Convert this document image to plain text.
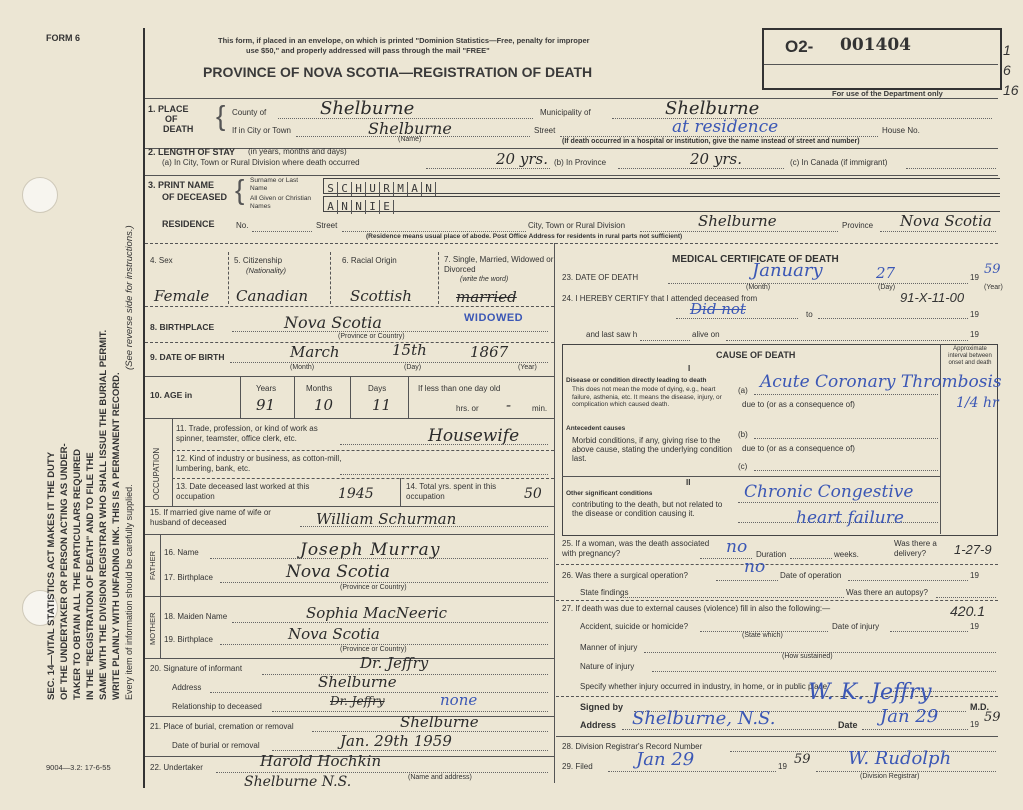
FORM 6
SEC. 14—VITAL STATISTICS ACT MAKES IT THE DUTY OF THE UNDERTAKER OR PERSON ACTING AS UNDER- TAKER TO OBTAIN ALL THE PARTICULARS REQUIRED IN THE "REGISTRATION OF DEATH" AND TO FILE THE SAME WITH THE DIVISION REGISTRAR WHO SHALL ISSUE THE BURIAL PERMIT. WRITE PLAINLY WITH UNFADING INK. THIS IS A PERMANENT RECORD.
(See reverse side for instructions.)
Every item of information should be carefully supplied.
9004—3.2: 17-6-55
This form, if placed in an envelope, on which is printed "Dominion Statistics—Free, penalty for improper
use $50," and properly addressed will pass through the mail "FREE"
PROVINCE OF NOVA SCOTIA—REGISTRATION OF DEATH
O2- 001404
For use of the Department only
1. PLACE
OF
DEATH { County of	Shelburne	Municipality of	Shelburne
If in City or Town	Shelburne
(Name)
Street	at residence	House No.
(If death occurred in a hospital or institution, give the name instead of street and number)
2. LENGTH OF STAY (in years, months and days)
(a) In City, Town or Rural Division where death occurred	20 yrs. (b) In Province	20 yrs.	(c) In Canada (if immigrant)
3. PRINT NAME
OF DECEASED { Surname or Last Name
All Given or Christian Names
S C H U R M A N
A N N I E
RESIDENCE	No.	Street	City, Town or Rural Division	Shelburne	Province Nova Scotia
(Residence means usual place of abode. Post Office Address for residents in rural parts not sufficient)
4. Sex	5. Citizenship
(Nationality)
6. Racial Origin	7. Single, Married, Widowed or Divorced
(write the word)
Female Canadian	Scottish	married
WIDOWED
8. BIRTHPLACE	Nova Scotia
(Province or Country)
9. DATE OF BIRTH	March	15th	1867
(Month)	(Day)	(Year)
10. AGE in
Years	Months	Days	If less than one day old
91	10	11	hrs. or -	min.
OCCUPATION
11. Trade, profession, or kind of work as spinner, teamster, office clerk, etc.	Housewife
12. Kind of industry or business, as cotton-mill, lumbering, bank, etc.
13. Date deceased last worked at this occupation	1945	14. Total yrs. spent in this occupation	50
15. If married give name of wife or husband of deceased	William Schurman
FATHER 16. Name	Joseph Murray
17. Birthplace	Nova Scotia
(Province or Country)
MOTHER 18. Maiden Name	Sophia MacNeeric
19. Birthplace	Nova Scotia
(Province or Country)
20. Signature of informant	Dr. Jeffry
Address	Shelburne
Relationship to deceased	Dr. Jeffry	none
21. Place of burial, cremation or removal	Shelburne
Date of burial or removal	Jan. 29th 1959
22. Undertaker	Harold Hochkin
(Name and address)
Shelburne N.S.
MEDICAL CERTIFICATE OF DEATH
23. DATE OF DEATH	January	27	19
59
(Month)	(Day)	(Year)
24. I HEREBY CERTIFY that I attended deceased from
Did not	to	19
91-X-11-00
and last saw h	alive on	19
CAUSE OF DEATH
Approximate interval between onset and death
I
Disease or condition directly leading to death
This does not mean the mode of dying, e.g., heart failure, asthenia, etc. It means the disease, injury, or complication which caused death.
(a) Acute Coronary Thrombosis
1/4 hr
due to (or as a consequence of)
Antecedent causes
Morbid conditions, if any, giving rise to the above cause, stating the underlying condition last.
(b)
due to (or as a consequence of)
(c)
II
Other significant conditions
contributing to the death, but not related to the disease or condition causing it.
Chronic Congestive
heart failure
25. If a woman, was the death associated with pregnancy?	no Duration	weeks.
Was there a delivery?	1-27-9
26. Was there a surgical operation?	no Date of operation	19
State findings	Was there an autopsy?
27. If death was due to external causes (violence) fill in also the following:—	420.1
Accident, suicide or homicide?
(State which)
Date of injury	19
Manner of injury
(How sustained)
Nature of injury
Specify whether injury occurred in industry, in home, or in public place
Signed by
W. K. Jeffry
M.D.
Address Shelburne, N.S.	Date Jan 29	19 59
28. Division Registrar's Record Number
29. Filed Jan 29	19 59 W. Rudolph
(Division Registrar)
1
6
16
